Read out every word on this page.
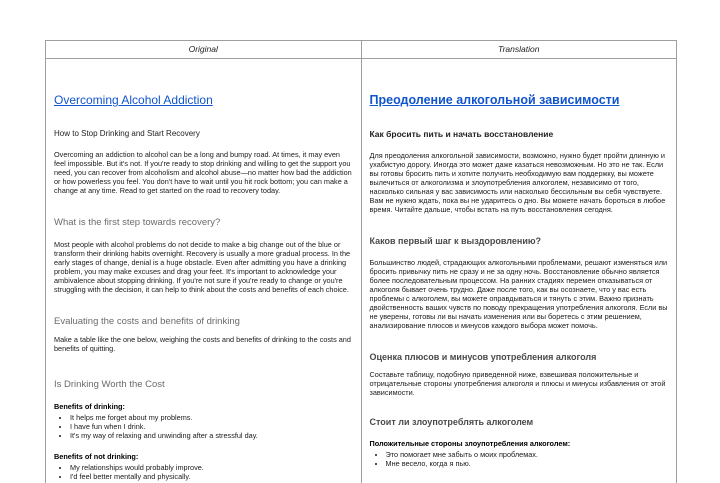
Original	Translation
Overcoming Alcohol Addiction
How to Stop Drinking and Start Recovery
Overcoming an addiction to alcohol can be a long and bumpy road. At times, it may even feel impossible. But it's not. If you're ready to stop drinking and willing to get the support you need, you can recover from alcoholism and alcohol abuse—no matter how bad the addiction or how powerless you feel. You don't have to wait until you hit rock bottom; you can make a change at any time. Read to get started on the road to recovery today.
What is the first step towards recovery?
Most people with alcohol problems do not decide to make a big change out of the blue or transform their drinking habits overnight. Recovery is usually a more gradual process. In the early stages of change, denial is a huge obstacle. Even after admitting you have a drinking problem, you may make excuses and drag your feet. It's important to acknowledge your ambivalence about stopping drinking. If you're not sure if you're ready to change or you're struggling with the decision, it can help to think about the costs and benefits of each choice.
Evaluating the costs and benefits of drinking
Make a table like the one below, weighing the costs and benefits of drinking to the costs and benefits of quitting.
Is Drinking Worth the Cost
Benefits of drinking:
• It helps me forget about my problems.
• I have fun when I drink.
• It's my way of relaxing and unwinding after a stressful day.
Benefits of not drinking:
• My relationships would probably improve.
• I'd feel better mentally and physically.
Преодоление алкогольной зависимости
Как бросить пить и начать восстановление
Для преодоления алкогольной зависимости, возможно, нужно будет пройти длинную и ухабистую дорогу. Иногда это может даже казаться невозможным. Но это не так. Если вы готовы бросить пить и хотите получить необходимую вам поддержку, вы можете вылечиться от алкоголизма и злоупотребления алкоголем, независимо от того, насколько сильная у вас зависимость или насколько бессильным вы себя чувствуете. Вам не нужно ждать, пока вы не ударитесь о дно. Вы можете начать бороться в любое время. Читайте дальше, чтобы встать на путь восстановления сегодня.
Каков первый шаг к выздоровлению?
Большинство людей, страдающих алкогольными проблемами, решают изменяться или бросить привычку пить не сразу и не за одну ночь. Восстановление обычно является более последовательным процессом. На ранних стадиях перемен отказываться от алкоголя бывает очень трудно. Даже после того, как вы осознаете, что у вас есть проблемы с алкоголем, вы можете оправдываться и тянуть с этим. Важно признать двойственность ваших чувств по поводу прекращения употребления алкоголя. Если вы не уверены, готовы ли вы начать изменения или вы боретесь с этим решением, анализирование плюсов и минусов каждого выбора может помочь.
Оценка плюсов и минусов употребления алкоголя
Составьте таблицу, подобную приведенной ниже, взвешивая положительные и отрицательные стороны употребления алкоголя и плюсы и минусы избавления от этой зависимости.
Стоит ли злоупотреблять алкоголем
Положительные стороны злоупотребления алкоголем:
• Это помогает мне забыть о моих проблемах.
• Мне весело, когда я пью.
